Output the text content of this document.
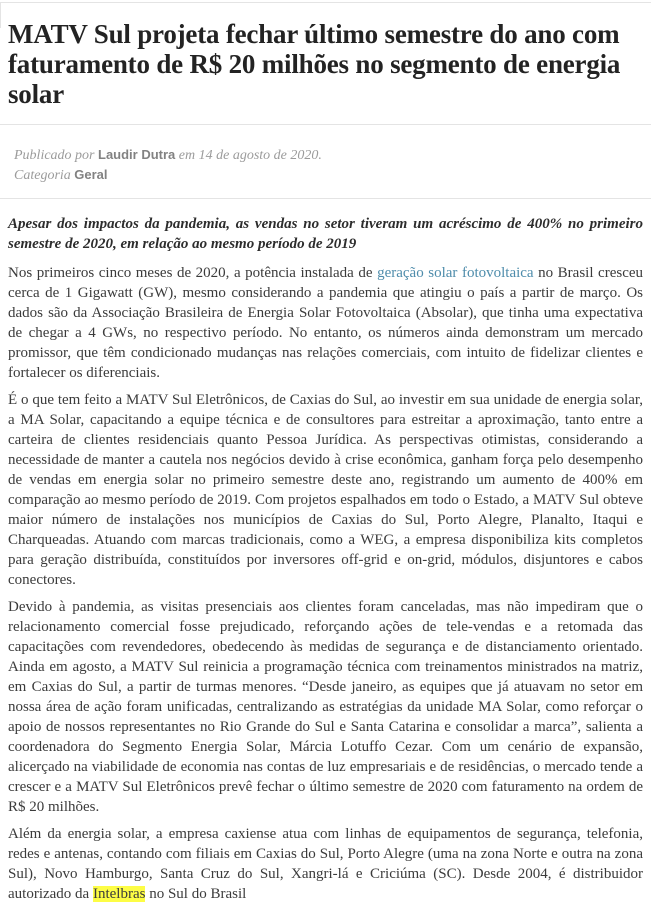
MATV Sul projeta fechar último semestre do ano com faturamento de R$ 20 milhões no segmento de energia solar
Publicado por Laudir Dutra em 14 de agosto de 2020.
Categoria Geral

Apesar dos impactos da pandemia, as vendas no setor tiveram um acréscimo de 400% no primeiro semestre de 2020, em relação ao mesmo período de 2019

Nos primeiros cinco meses de 2020, a potência instalada de geração solar fotovoltaica no Brasil cresceu cerca de 1 Gigawatt (GW), mesmo considerando a pandemia que atingiu o país a partir de março. Os dados são da Associação Brasileira de Energia Solar Fotovoltaica (Absolar), que tinha uma expectativa de chegar a 4 GWs, no respectivo período. No entanto, os números ainda demonstram um mercado promissor, que têm condicionado mudanças nas relações comerciais, com intuito de fidelizar clientes e fortalecer os diferenciais.

É o que tem feito a MATV Sul Eletrônicos, de Caxias do Sul, ao investir em sua unidade de energia solar, a MA Solar, capacitando a equipe técnica e de consultores para estreitar a aproximação, tanto entre a carteira de clientes residenciais quanto Pessoa Jurídica. As perspectivas otimistas, considerando a necessidade de manter a cautela nos negócios devido à crise econômica, ganham força pelo desempenho de vendas em energia solar no primeiro semestre deste ano, registrando um aumento de 400% em comparação ao mesmo período de 2019. Com projetos espalhados em todo o Estado, a MATV Sul obteve maior número de instalações nos municípios de Caxias do Sul, Porto Alegre, Planalto, Itaqui e Charqueadas. Atuando com marcas tradicionais, como a WEG, a empresa disponibiliza kits completos para geração distribuída, constituídos por inversores off-grid e on-grid, módulos, disjuntores e cabos conectores.

Devido à pandemia, as visitas presenciais aos clientes foram canceladas, mas não impediram que o relacionamento comercial fosse prejudicado, reforçando ações de tele-vendas e a retomada das capacitações com revendedores, obedecendo às medidas de segurança e de distanciamento orientado. Ainda em agosto, a MATV Sul reinicia a programação técnica com treinamentos ministrados na matriz, em Caxias do Sul, a partir de turmas menores. “Desde janeiro, as equipes que já atuavam no setor em nossa área de ação foram unificadas, centralizando as estratégias da unidade MA Solar, como reforçar o apoio de nossos representantes no Rio Grande do Sul e Santa Catarina e consolidar a marca”, salienta a coordenadora do Segmento Energia Solar, Márcia Lotuffo Cezar. Com um cenário de expansão, alicerçado na viabilidade de economia nas contas de luz empresariais e de residências, o mercado tende a crescer e a MATV Sul Eletrônicos prevê fechar o último semestre de 2020 com faturamento na ordem de R$ 20 milhões.

Além da energia solar, a empresa caxiense atua com linhas de equipamentos de segurança, telefonia, redes e antenas, contando com filiais em Caxias do Sul, Porto Alegre (uma na zona Norte e outra na zona Sul), Novo Hamburgo, Santa Cruz do Sul, Xangri-lá e Criciúma (SC). Desde 2004, é distribuidor autorizado da Intelbras no Sul do Brasil
